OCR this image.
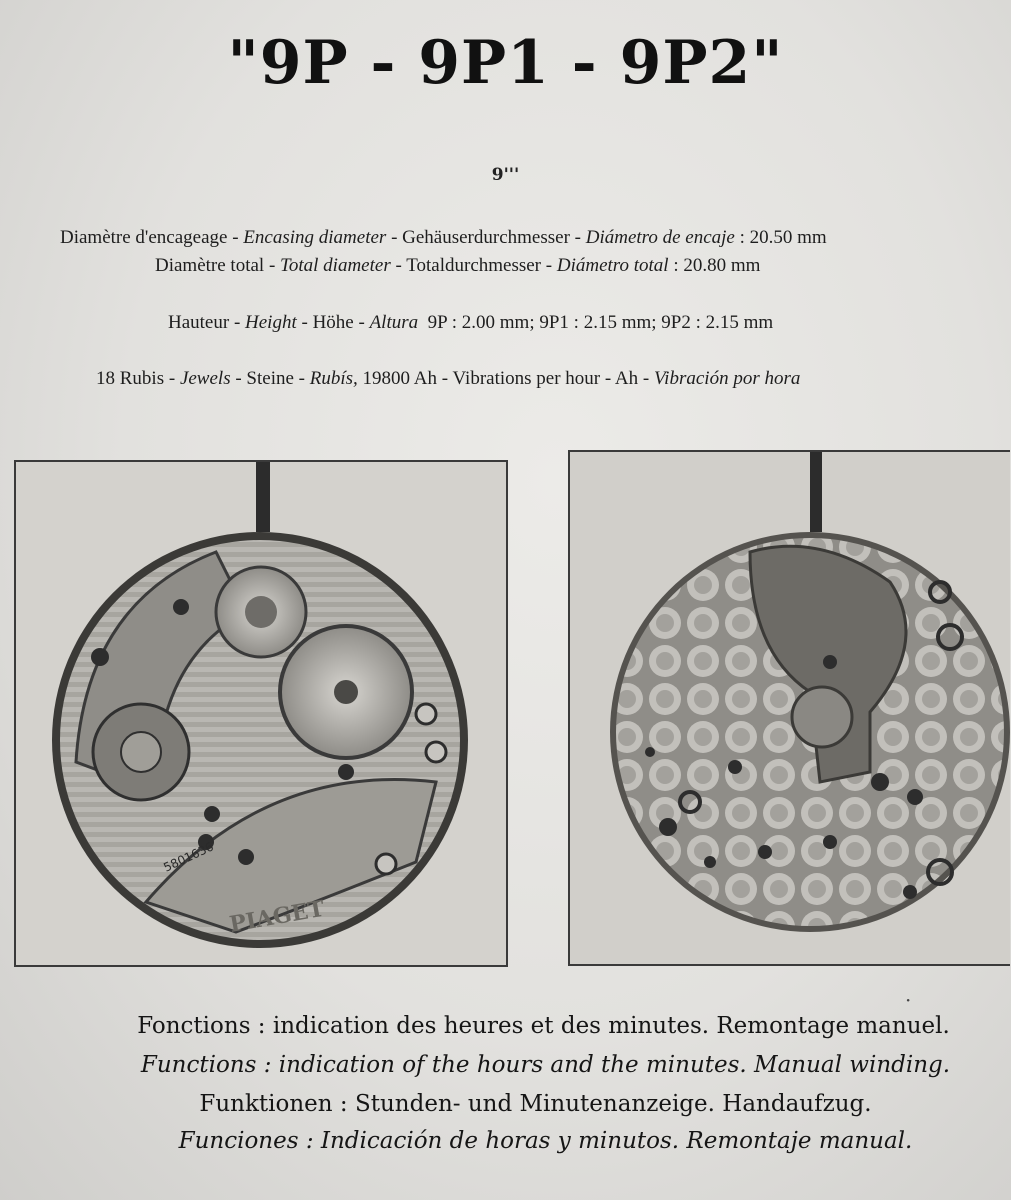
"9P - 9P1 - 9P2"
9'''
Diamètre d'encageage - Encasing diameter - Gehäuserdurchmesser - Diámetro de encaje : 20.50 mm
Diamètre total - Total diameter - Totaldurchmesser - Diámetro total : 20.80 mm
Hauteur - Height - Höhe - Altura 9P : 2.00 mm; 9P1 : 2.15 mm; 9P2 : 2.15 mm
18 Rubis - Jewels - Steine - Rubís, 19800 Ah - Vibrations per hour - Ah - Vibración por hora
5801636
PIAGET
·
Fonctions : indication des heures et des minutes. Remontage manuel.
Functions : indication of the hours and the minutes. Manual winding.
Funktionen : Stunden- und Minutenanzeige. Handaufzug.
Funciones : Indicación de horas y minutos. Remontaje manual.
